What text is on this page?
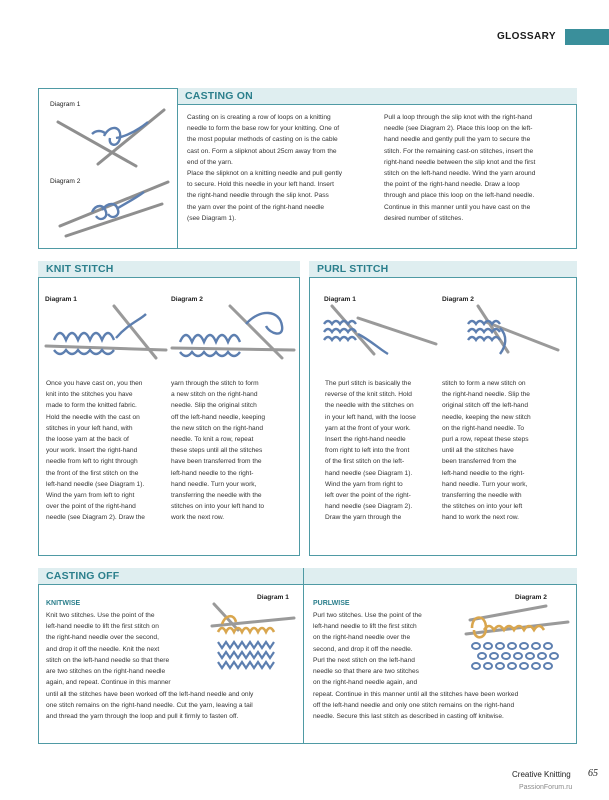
GLOSSARY
CASTING ON
Diagram 1
Diagram 2
Casting on is creating a row of loops on a knitting
needle to form the base row for your knitting. One of
the most popular methods of casting on is the cable
cast on. Form a slipknot about 25cm away from the
end of the yarn.
Place the slipknot on a knitting needle and pull gently
to secure. Hold this needle in your left hand. Insert
the right-hand needle through the slip knot. Pass
the yarn over the point of the right-hand needle
(see Diagram 1).
Pull a loop through the slip knot with the right-hand
needle (see Diagram 2). Place this loop on the left-
hand needle and gently pull the yarn to secure the
stitch. For the remaining cast-on stitches, insert the
right-hand needle between the slip knot and the first
stitch on the left-hand needle. Wind the yarn around
the point of the right-hand needle. Draw a loop
through and place this loop on the left-hand needle.
Continue in this manner until you have cast on the
desired number of stitches.
KNIT STITCH
Diagram 1	Diagram 2
Once you have cast on, you then
knit into the stitches you have
made to form the knitted fabric.
Hold the needle with the cast on
stitches in your left hand, with
the loose yarn at the back of
your work. Insert the right-hand
needle from left to right through
the front of the first stitch on the
left-hand needle (see Diagram 1).
Wind the yarn from left to right
over the point of the right-hand
needle (see Diagram 2). Draw the
yarn through the stitch to form
a new stitch on the right-hand
needle. Slip the original stitch
off the left-hand needle, keeping
the new stitch on the right-hand
needle. To knit a row, repeat
these steps until all the stitches
have been transferred from the
left-hand needle to the right-
hand needle. Turn your work,
transferring the needle with the
stitches on into your left hand to
work the next row.
PURL STITCH
Diagram 1	Diagram 2
The purl stitch is basically the
reverse of the knit stitch. Hold
the needle with the stitches on
in your left hand, with the loose
yarn at the front of your work.
Insert the right-hand needle
from right to left into the front
of the first stitch on the left-
hand needle (see Diagram 1).
Wind the yarn from right to
left over the point of the right-
hand needle (see Diagram 2).
Draw the yarn through the
stitch to form a new stitch on
the right-hand needle. Slip the
original stitch off the left-hand
needle, keeping the new stitch
on the right-hand needle. To
purl a row, repeat these steps
until all the stitches have
been transferred from the
left-hand needle to the right-
hand needle. Turn your work,
transferring the needle with
the stitches on into your left
hand to work the next row.
CASTING OFF
KNITWISE
Diagram 1
Knit two stitches. Use the point of the
left-hand needle to lift the first stitch on
the right-hand needle over the second,
and drop it off the needle. Knit the next
stitch on the left-hand needle so that there
are two stitches on the right-hand needle
again, and repeat. Continue in this manner
until all the stitches have been worked off the left-hand needle and only
one stitch remains on the right-hand needle. Cut the yarn, leaving a tail
and thread the yarn through the loop and pull it firmly to fasten off.
PURLWISE
Diagram 2
Purl two stitches. Use the point of the
left-hand needle to lift the first stitch
on the right-hand needle over the
second, and drop it off the needle.
Purl the next stitch on the left-hand
needle so that there are two stitches
on the right-hand needle again, and
repeat. Continue in this manner until all the stitches have been worked
off the left-hand needle and only one stitch remains on the right-hand
needle. Secure this last stitch as described in casting off knitwise.
Creative Knitting 65
PassionForum.ru
